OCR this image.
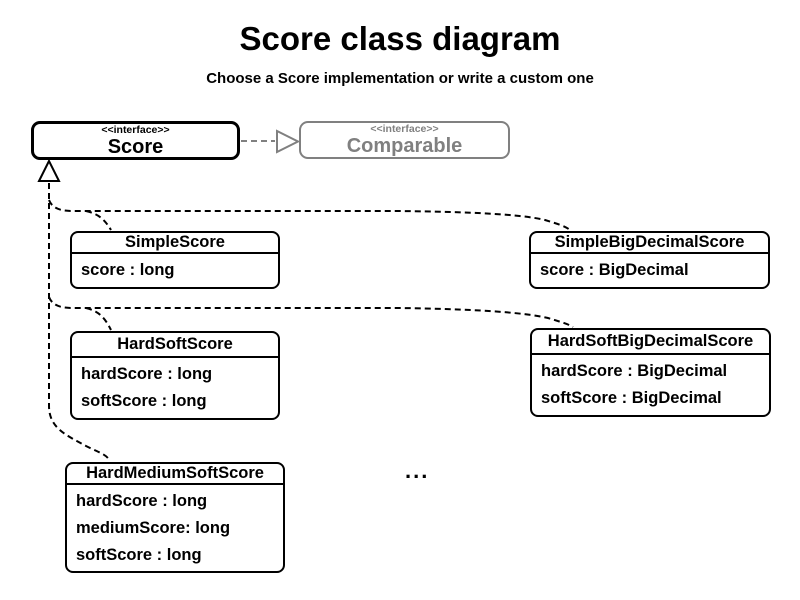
Score class diagram
Choose a Score implementation or write a custom one
<<interface>>
Score
<<interface>>
Comparable
SimpleScore
score : long
SimpleBigDecimalScore
score : BigDecimal
HardSoftScore
hardScore : long
softScore : long
HardSoftBigDecimalScore
hardScore : BigDecimal
softScore : BigDecimal
HardMediumSoftScore
hardScore : long
mediumScore: long
softScore : long
...
